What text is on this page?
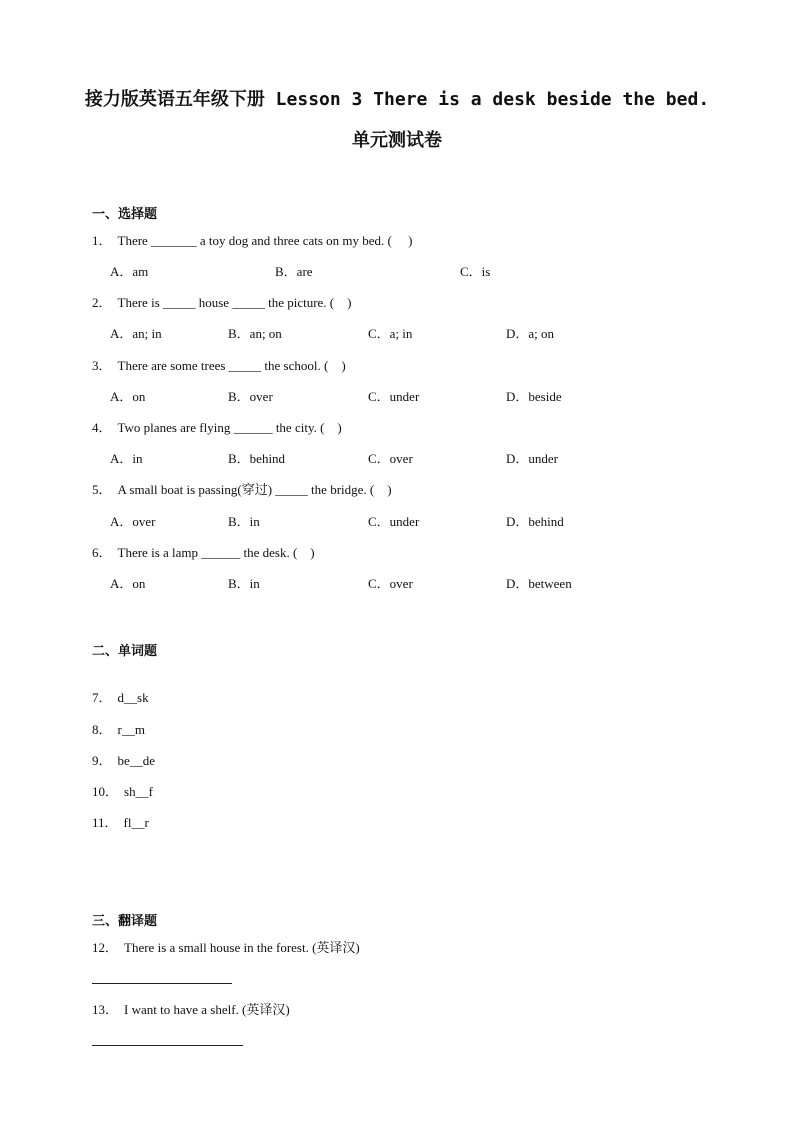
接力版英语五年级下册 Lesson 3 There is a desk beside the bed.
单元测试卷
一、选择题
1． There _______ a toy dog and three cats on my bed. (　 )
A．am	B．are	C．is
2． There is _____ house _____ the picture. (　)
A．an; in	B．an; on	C．a; in	D．a; on
3． There are some trees _____ the school. (　)
A．on	B．over	C．under	D．beside
4． Two planes are flying ______ the city. (　)
A．in	B．behind	C．over	D．under
5． A small boat is passing(穿过) _____ the bridge. (　)
A．over	B．in	C．under	D．behind
6． There is a lamp ______ the desk. (　)
A．on	B．in	C．over	D．between
二、单词题
7． d__sk
8． r__m
9． be__de
10． sh__f
11． fl__r
三、翻译题
12． There is a small house in the forest. (英译汉)
13． I want to have a shelf. (英译汉)
